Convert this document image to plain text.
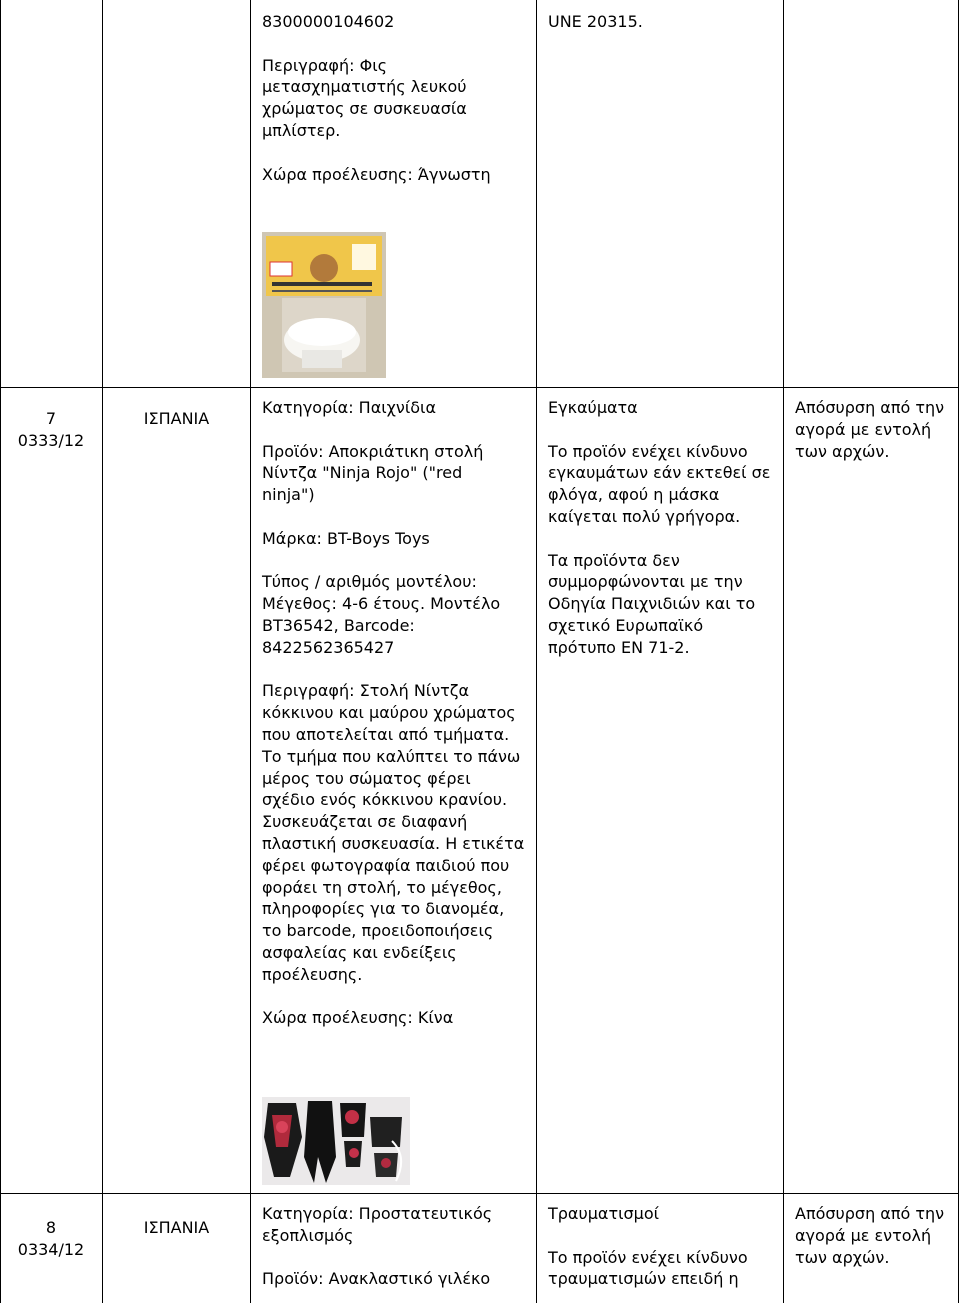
8300000104602

Περιγραφή: Φις μετασχηματιστής λευκού χρώματος σε συσκευασία μπλίστερ.

Χώρα προέλευσης: Άγνωστη

UNE 20315.

7
0333/12
ΙΣΠΑΝΙΑ

Κατηγορία: Παιχνίδια

Προϊόν: Αποκριάτικη στολή Νίντζα "Ninja Rojo" ("red ninja")

Μάρκα: BT-Boys Toys

Τύπος / αριθμός μοντέλου: Μέγεθος: 4-6 έτους. Μοντέλο BT36542, Barcode: 8422562365427

Περιγραφή: Στολή Νίντζα κόκκινου και μαύρου χρώματος που αποτελείται από τμήματα. Το τμήμα που καλύπτει το πάνω μέρος του σώματος φέρει σχέδιο ενός κόκκινου κρανίου. Συσκευάζεται σε διαφανή πλαστική συσκευασία. Η ετικέτα φέρει φωτογραφία παιδιού που φοράει τη στολή, το μέγεθος, πληροφορίες για το διανομέα, το barcode, προειδοποιήσεις ασφαλείας και ενδείξεις προέλευσης.

Χώρα προέλευσης: Κίνα

Εγκαύματα

Το προϊόν ενέχει κίνδυνο εγκαυμάτων εάν εκτεθεί σε φλόγα, αφού η μάσκα καίγεται πολύ γρήγορα.

Τα προϊόντα δεν συμμορφώνονται με την Οδηγία Παιχνιδιών και το σχετικό Ευρωπαϊκό πρότυπο EN 71-2.

Απόσυρση από την αγορά με εντολή των αρχών.
8
0334/12
ΙΣΠΑΝΙΑ

Κατηγορία: Προστατευτικός εξοπλισμός

Προϊόν: Ανακλαστικό γιλέκο

Τραυματισμοί

Το προϊόν ενέχει κίνδυνο τραυματισμών επειδή η

Απόσυρση από την αγορά με εντολή των αρχών.
